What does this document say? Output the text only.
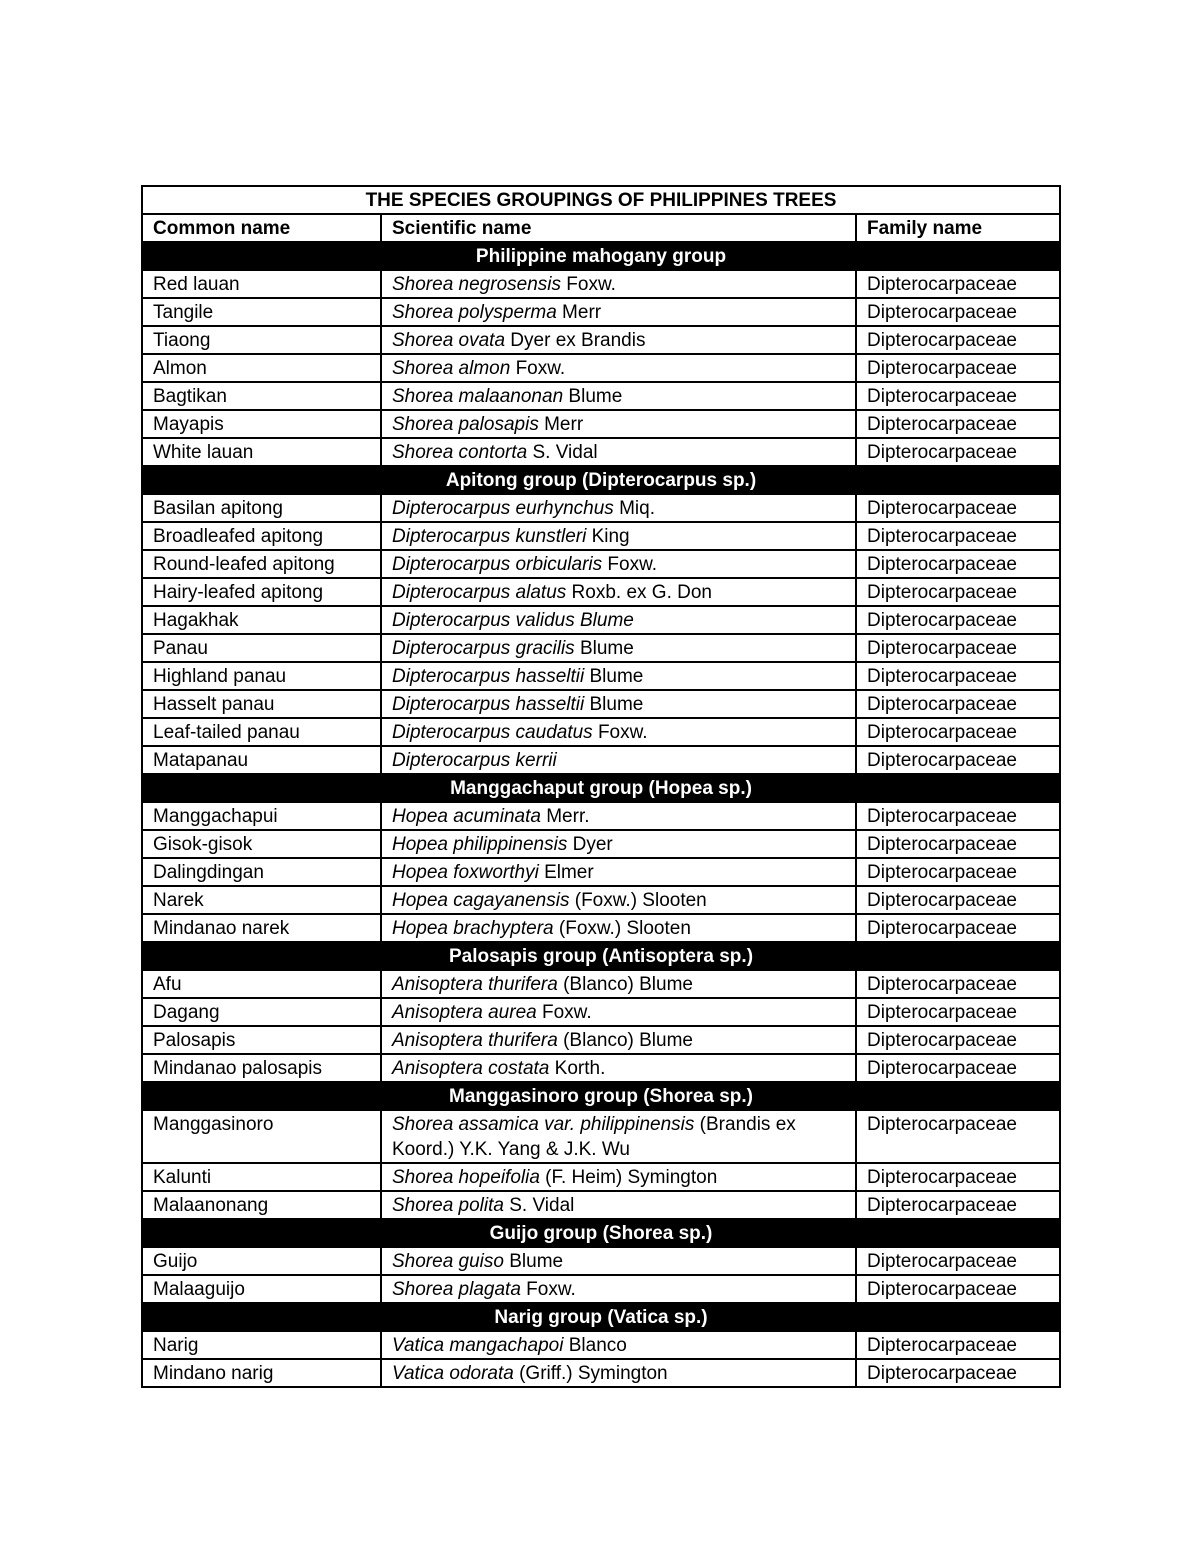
THE SPECIES GROUPINGS OF PHILIPPINES TREES		
Common name	Scientific name	Family name
Philippine mahogany group		
Red lauan	Shorea negrosensis Foxw.	Dipterocarpaceae
Tangile	Shorea polysperma Merr	Dipterocarpaceae
Tiaong	Shorea ovata Dyer ex Brandis	Dipterocarpaceae
Almon	Shorea almon Foxw.	Dipterocarpaceae
Bagtikan	Shorea malaanonan Blume	Dipterocarpaceae
Mayapis	Shorea palosapis Merr	Dipterocarpaceae
White lauan	Shorea contorta S. Vidal	Dipterocarpaceae
Apitong group (Dipterocarpus sp.)		
Basilan apitong	Dipterocarpus eurhynchus Miq.	Dipterocarpaceae
Broadleafed apitong	Dipterocarpus kunstleri King	Dipterocarpaceae
Round-leafed apitong	Dipterocarpus orbicularis Foxw.	Dipterocarpaceae
Hairy-leafed apitong	Dipterocarpus alatus Roxb. ex G. Don	Dipterocarpaceae
Hagakhak	Dipterocarpus validus Blume	Dipterocarpaceae
Panau	Dipterocarpus gracilis Blume	Dipterocarpaceae
Highland panau	Dipterocarpus hasseltii Blume	Dipterocarpaceae
Hasselt panau	Dipterocarpus hasseltii Blume	Dipterocarpaceae
Leaf-tailed panau	Dipterocarpus caudatus Foxw.	Dipterocarpaceae
Matapanau	Dipterocarpus kerrii	Dipterocarpaceae
Manggachaput group (Hopea sp.)		
Manggachapui	Hopea acuminata Merr.	Dipterocarpaceae
Gisok-gisok	Hopea philippinensis Dyer	Dipterocarpaceae
Dalingdingan	Hopea foxworthyi Elmer	Dipterocarpaceae
Narek	Hopea cagayanensis (Foxw.) Slooten	Dipterocarpaceae
Mindanao narek	Hopea brachyptera (Foxw.) Slooten	Dipterocarpaceae
Palosapis group (Antisoptera sp.)		
Afu	Anisoptera thurifera (Blanco) Blume	Dipterocarpaceae
Dagang	Anisoptera aurea Foxw.	Dipterocarpaceae
Palosapis	Anisoptera thurifera (Blanco) Blume	Dipterocarpaceae
Mindanao palosapis	Anisoptera costata Korth.	Dipterocarpaceae
Manggasinoro group (Shorea sp.)		
Manggasinoro	Shorea assamica var. philippinensis (Brandis ex Koord.) Y.K. Yang & J.K. Wu	Dipterocarpaceae
Kalunti	Shorea hopeifolia (F. Heim) Symington	Dipterocarpaceae
Malaanonang	Shorea polita S. Vidal	Dipterocarpaceae
Guijo group (Shorea sp.)		
Guijo	Shorea guiso Blume	Dipterocarpaceae
Malaaguijo	Shorea plagata Foxw.	Dipterocarpaceae
Narig group (Vatica sp.)		
Narig	Vatica mangachapoi Blanco	Dipterocarpaceae
Mindano narig	Vatica odorata (Griff.) Symington	Dipterocarpaceae
